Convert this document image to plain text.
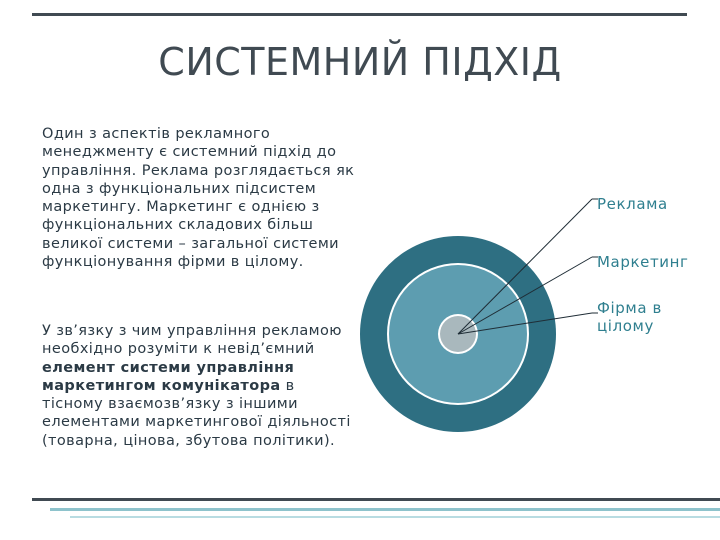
СИСТЕМНИЙ ПІДХІД
Один з аспектів рекламного менеджменту є системний підхід до управління. Реклама розглядається як одна з функціональних підсистем маркетингу. Маркетинг є однією з функціональних складових більш великої системи – загальної системи функціонування фірми в цілому.
У зв’язку з чим управління рекламою необхідно розуміти к невід’ємний елемент системи управління маркетингом комунікатора в тісному взаємозв’язку з іншими елементами маркетингової діяльності (товарна, цінова, збутова політики).
Реклама
Маркетинг
Фірма в цілому
